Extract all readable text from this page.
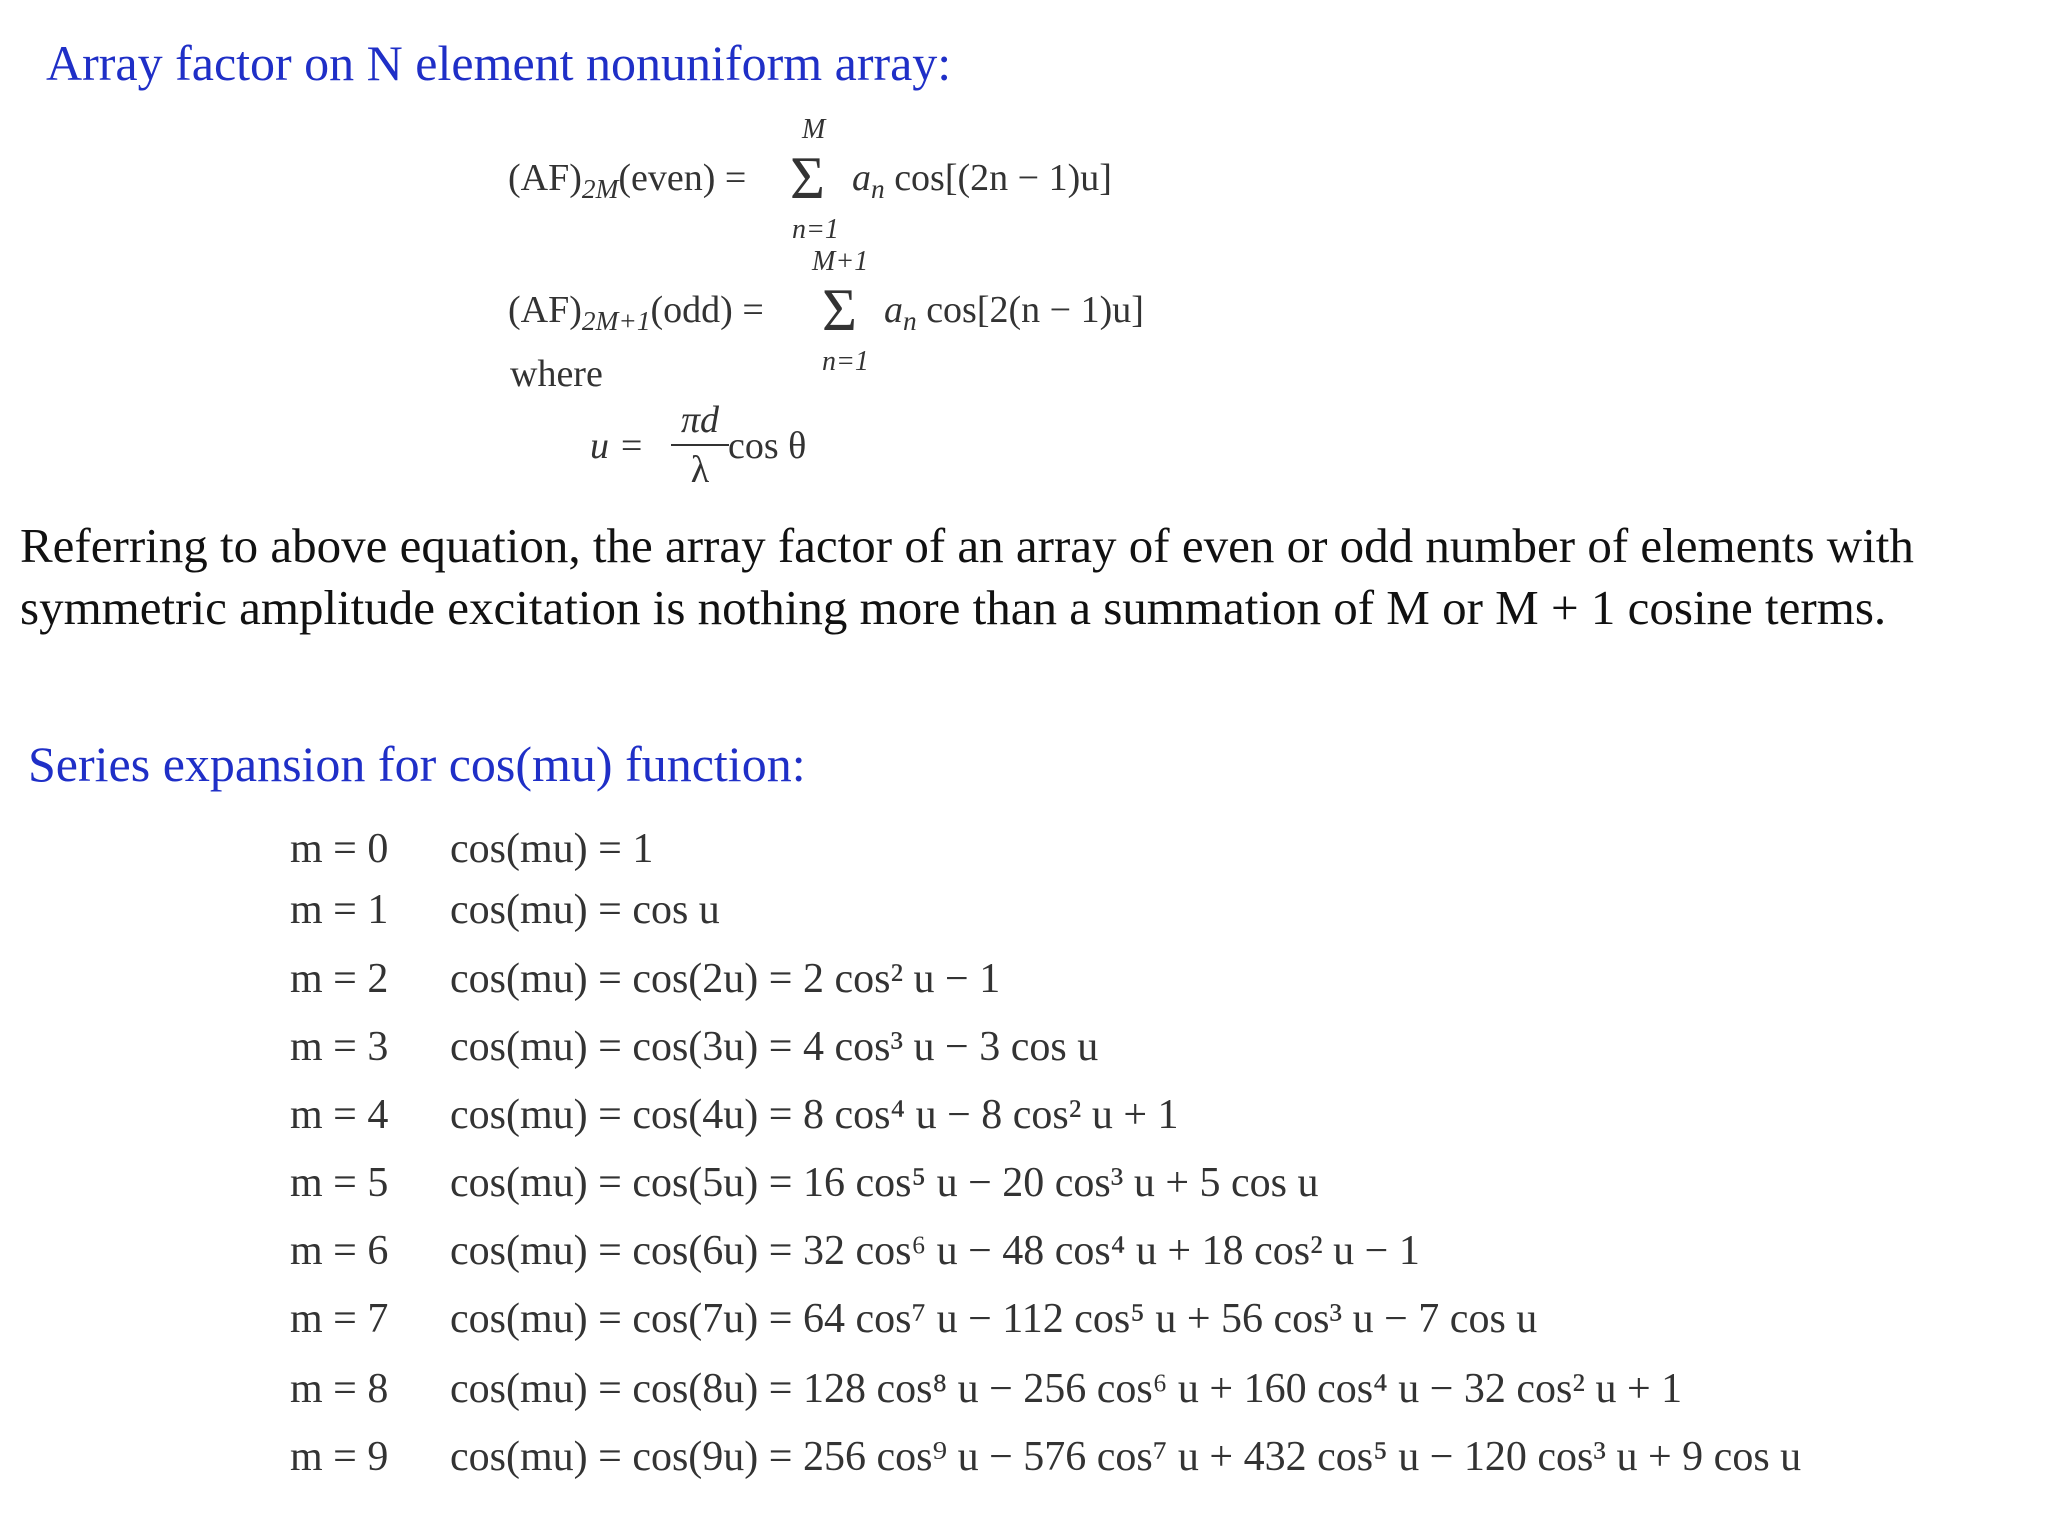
Array factor on N element nonuniform array:
$(AF)_{2M}(even)$ =
M
Σ
n=1
$a_n$ cos[(2n − 1)u]
$(AF)_{2M+1}(odd)$ =
M+1
Σ
n=1
$a_n$ cos[2(n − 1)u]
where
u =
πd
λ
cos θ
Referring to above equation, the array factor of an array of even or odd number of elements with symmetric amplitude excitation is nothing more than a summation of M or M + 1 cosine terms.
Series expansion for cos(mu) function:
m = 0	cos(mu) = 1
m = 1	cos(mu) = cos u
m = 2	cos(mu) = cos(2u) = 2 cos² u − 1
m = 3	cos(mu) = cos(3u) = 4 cos³ u − 3 cos u
m = 4	cos(mu) = cos(4u) = 8 cos⁴ u − 8 cos² u + 1
m = 5	cos(mu) = cos(5u) = 16 cos⁵ u − 20 cos³ u + 5 cos u
m = 6	cos(mu) = cos(6u) = 32 cos⁶ u − 48 cos⁴ u + 18 cos² u − 1
m = 7	cos(mu) = cos(7u) = 64 cos⁷ u − 112 cos⁵ u + 56 cos³ u − 7 cos u
m = 8	cos(mu) = cos(8u) = 128 cos⁸ u − 256 cos⁶ u + 160 cos⁴ u − 32 cos² u + 1
m = 9	cos(mu) = cos(9u) = 256 cos⁹ u − 576 cos⁷ u + 432 cos⁵ u − 120 cos³ u + 9 cos u
